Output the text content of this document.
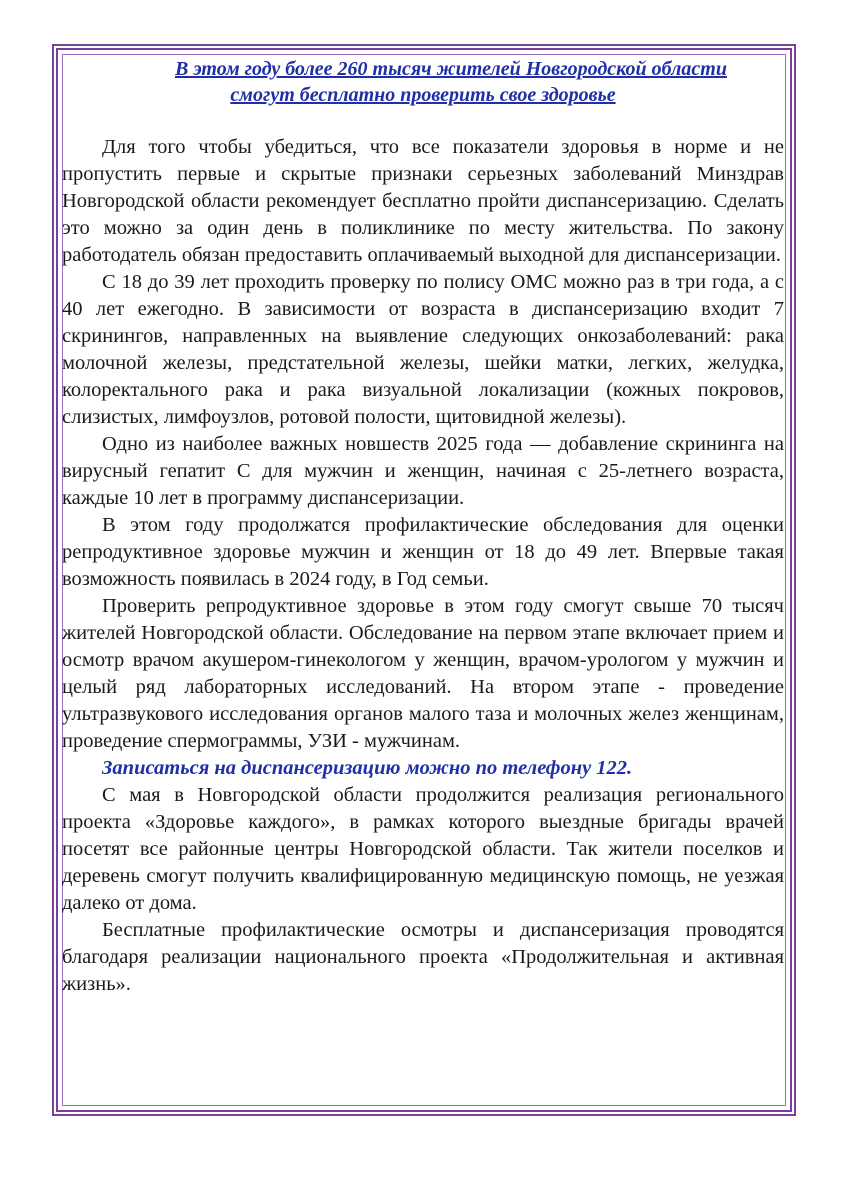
В этом году более 260 тысяч жителей Новгородской области
смогут бесплатно проверить свое здоровье

Для того чтобы убедиться, что все показатели здоровья в норме и не пропустить первые и скрытые признаки серьезных заболеваний Минздрав Новгородской области рекомендует бесплатно пройти диспансеризацию. Сделать это можно за один день в поликлинике по месту жительства. По закону работодатель обязан предоставить оплачиваемый выходной для диспансеризации.

С 18 до 39 лет проходить проверку по полису ОМС можно раз в три года, а с 40 лет ежегодно. В зависимости от возраста в диспансеризацию входит 7 скринингов, направленных на выявление следующих онкозаболеваний: рака молочной железы, предстательной железы, шейки матки, легких, желудка, колоректального рака и рака визуальной локализации (кожных покровов, слизистых, лимфоузлов, ротовой полости, щитовидной железы).

Одно из наиболее важных новшеств 2025 года — добавление скрининга на вирусный гепатит С для мужчин и женщин, начиная с 25-летнего возраста, каждые 10 лет в программу диспансеризации.

В этом году продолжатся профилактические обследования для оценки репродуктивное здоровье мужчин и женщин от 18 до 49 лет. Впервые такая возможность появилась в 2024 году, в Год семьи.

Проверить репродуктивное здоровье в этом году смогут свыше 70 тысяч жителей Новгородской области. Обследование на первом этапе включает прием и осмотр врачом акушером-гинекологом у женщин, врачом-урологом у мужчин и целый ряд лабораторных исследований. На втором этапе - проведение ультразвукового исследования органов малого таза и молочных желез женщинам, проведение спермограммы, УЗИ - мужчинам.

Записаться на диспансеризацию можно по телефону 122.

С мая в Новгородской области продолжится реализация регионального проекта «Здоровье каждого», в рамках которого выездные бригады врачей посетят все районные центры Новгородской области. Так жители поселков и деревень смогут получить квалифицированную медицинскую помощь, не уезжая далеко от дома.

Бесплатные профилактические осмотры и диспансеризация проводятся благодаря реализации национального проекта «Продолжительная и активная жизнь».
